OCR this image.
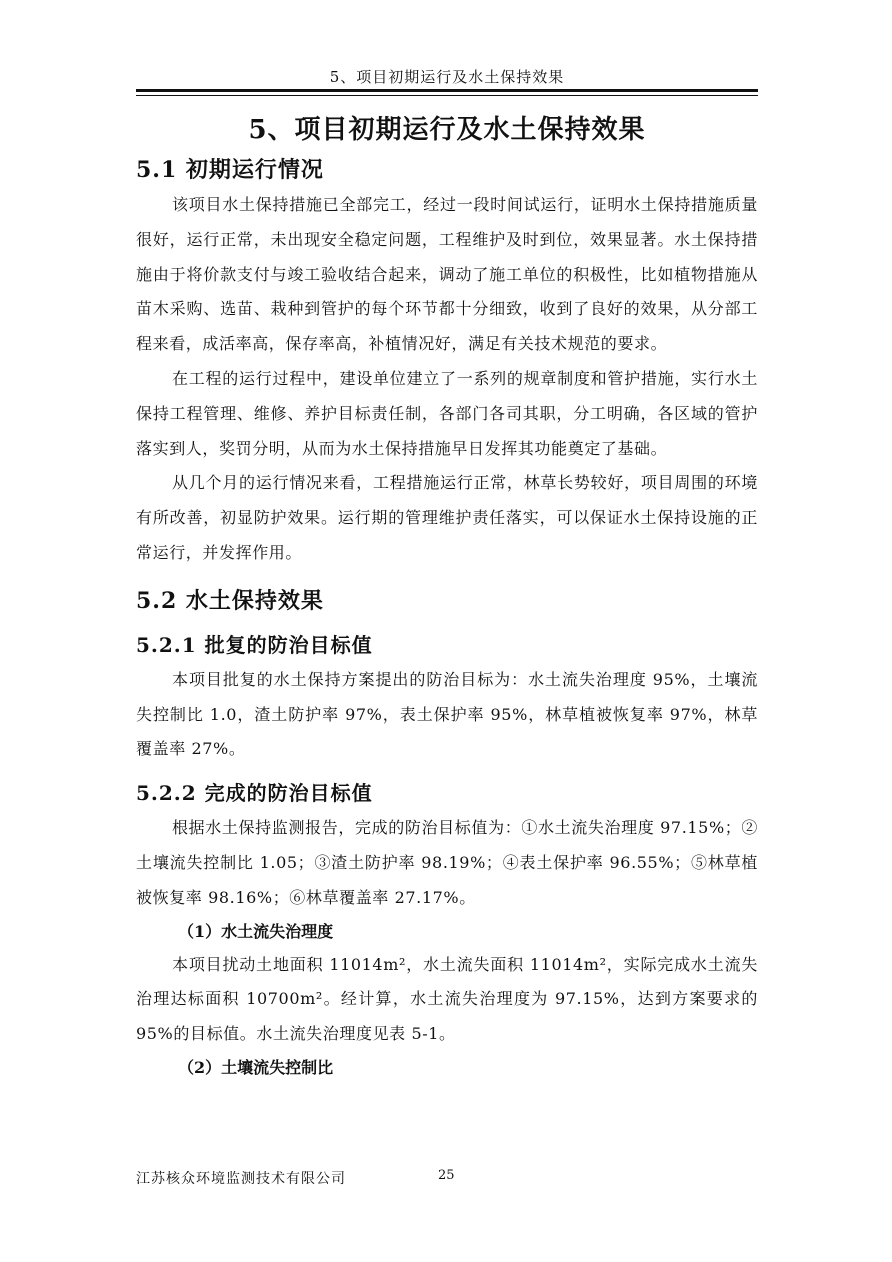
5、项目初期运行及水土保持效果
5、项目初期运行及水土保持效果
5.1 初期运行情况

该项目水土保持措施已全部完工，经过一段时间试运行，证明水土保持措施质量很好，运行正常，未出现安全稳定问题，工程维护及时到位，效果显著。水土保持措施由于将价款支付与竣工验收结合起来，调动了施工单位的积极性，比如植物措施从苗木采购、选苗、栽种到管护的每个环节都十分细致，收到了良好的效果，从分部工程来看，成活率高，保存率高，补植情况好，满足有关技术规范的要求。

在工程的运行过程中，建设单位建立了一系列的规章制度和管护措施，实行水土保持工程管理、维修、养护目标责任制，各部门各司其职，分工明确，各区域的管护落实到人，奖罚分明，从而为水土保持措施早日发挥其功能奠定了基础。

从几个月的运行情况来看，工程措施运行正常，林草长势较好，项目周围的环境有所改善，初显防护效果。运行期的管理维护责任落实，可以保证水土保持设施的正常运行，并发挥作用。

5.2 水土保持效果
5.2.1 批复的防治目标值

本项目批复的水土保持方案提出的防治目标为：水土流失治理度 95%，土壤流失控制比 1.0，渣土防护率 97%，表土保护率 95%，林草植被恢复率 97%，林草覆盖率 27%。

5.2.2 完成的防治目标值

根据水土保持监测报告，完成的防治目标值为：①水土流失治理度 97.15%；②土壤流失控制比 1.05；③渣土防护率 98.19%；④表土保护率 96.55%；⑤林草植被恢复率 98.16%；⑥林草覆盖率 27.17%。

（1）水土流失治理度

本项目扰动土地面积 11014m²，水土流失面积 11014m²，实际完成水土流失治理达标面积 10700m²。经计算，水土流失治理度为 97.15%，达到方案要求的 95%的目标值。水土流失治理度见表 5-1。

（2）土壤流失控制比
江苏核众环境监测技术有限公司	25
